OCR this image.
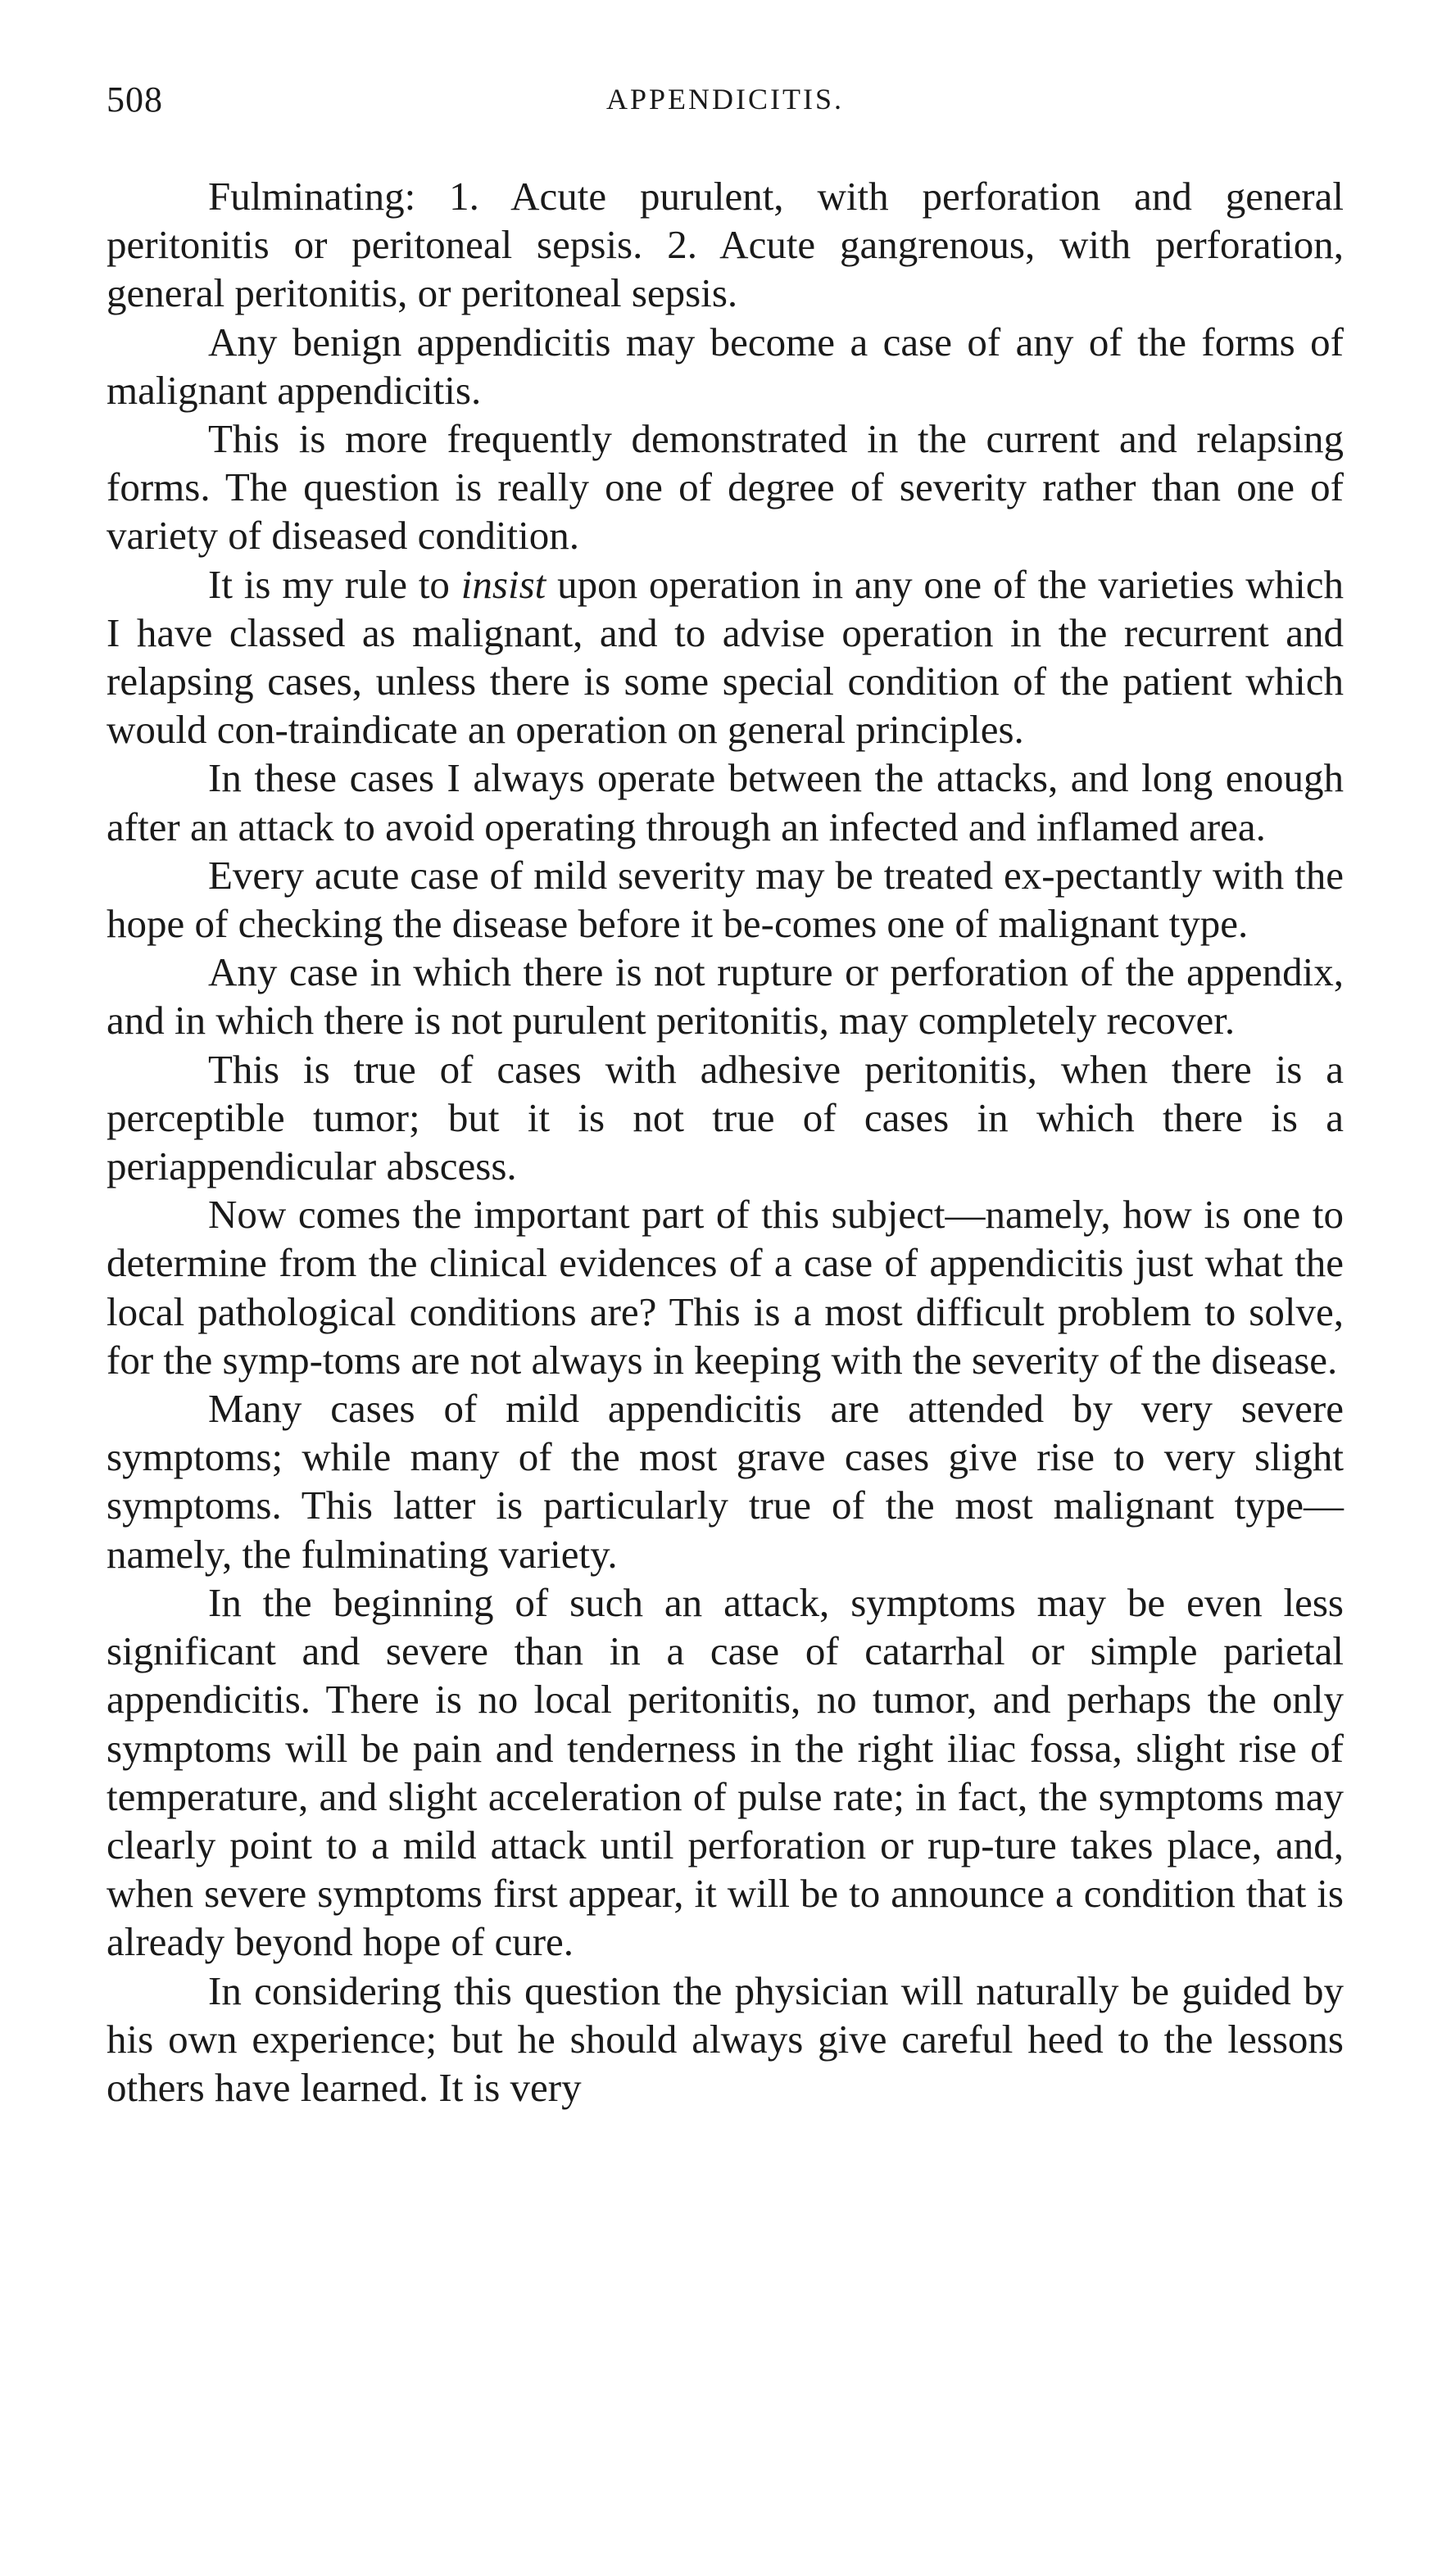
508	APPENDICITIS.

Fulminating: 1. Acute purulent, with perforation and general peritonitis or peritoneal sepsis. 2. Acute gangrenous, with perforation, general peritonitis, or peritoneal sepsis.

Any benign appendicitis may become a case of any of the forms of malignant appendicitis.

This is more frequently demonstrated in the current and relapsing forms. The question is really one of degree of severity rather than one of variety of diseased condition.

It is my rule to insist upon operation in any one of the varieties which I have classed as malignant, and to advise operation in the recurrent and relapsing cases, unless there is some special condition of the patient which would con-traindicate an operation on general principles.

In these cases I always operate between the attacks, and long enough after an attack to avoid operating through an infected and inflamed area.

Every acute case of mild severity may be treated ex-pectantly with the hope of checking the disease before it be-comes one of malignant type.

Any case in which there is not rupture or perforation of the appendix, and in which there is not purulent peritonitis, may completely recover.

This is true of cases with adhesive peritonitis, when there is a perceptible tumor; but it is not true of cases in which there is a periappendicular abscess.

Now comes the important part of this subject—namely, how is one to determine from the clinical evidences of a case of appendicitis just what the local pathological conditions are? This is a most difficult problem to solve, for the symp-toms are not always in keeping with the severity of the disease.

Many cases of mild appendicitis are attended by very severe symptoms; while many of the most grave cases give rise to very slight symptoms. This latter is particularly true of the most malignant type—namely, the fulminating variety.

In the beginning of such an attack, symptoms may be even less significant and severe than in a case of catarrhal or simple parietal appendicitis. There is no local peritonitis, no tumor, and perhaps the only symptoms will be pain and tenderness in the right iliac fossa, slight rise of temperature, and slight acceleration of pulse rate; in fact, the symptoms may clearly point to a mild attack until perforation or rup-ture takes place, and, when severe symptoms first appear, it will be to announce a condition that is already beyond hope of cure.

In considering this question the physician will naturally be guided by his own experience; but he should always give careful heed to the lessons others have learned. It is very
